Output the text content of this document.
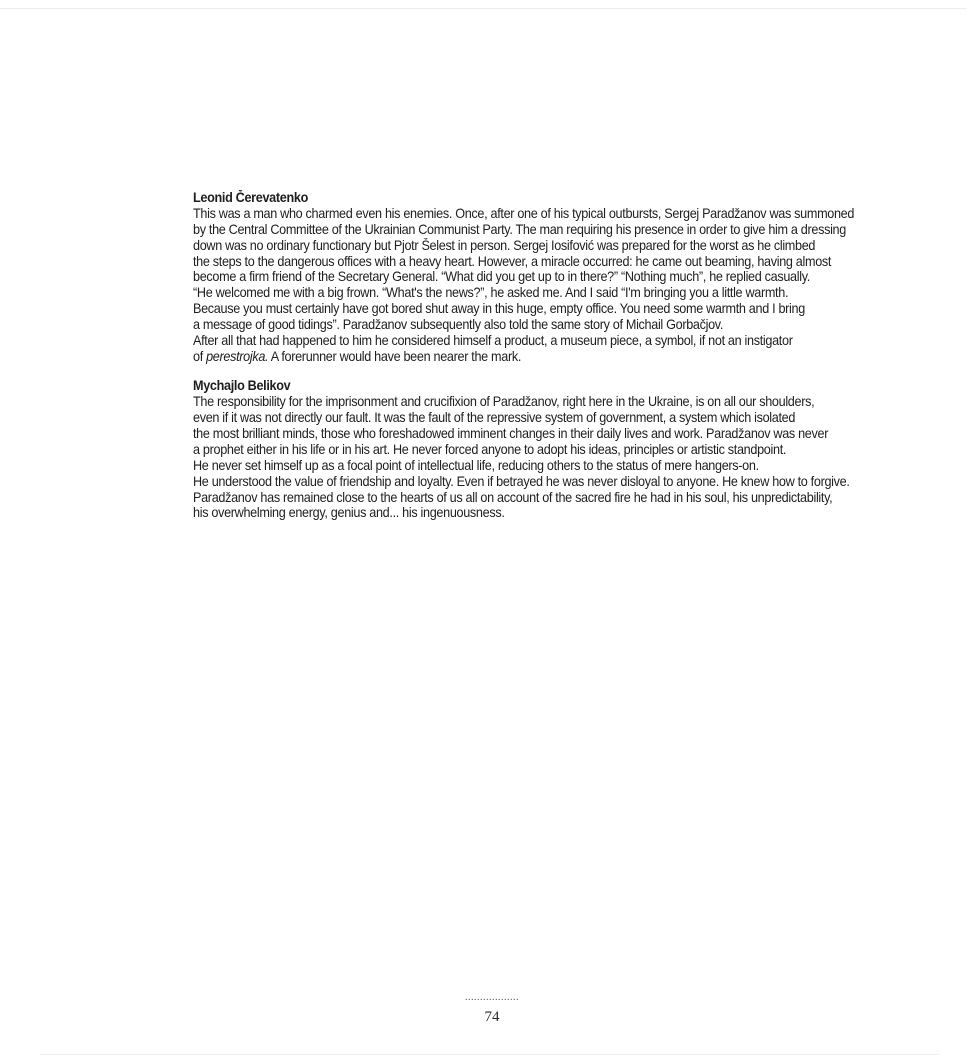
Leonid Čerevatenko

This was a man who charmed even his enemies. Once, after one of his typical outbursts, Sergej Paradžanov was summoned

by the Central Committee of the Ukrainian Communist Party. The man requiring his presence in order to give him a dressing

down was no ordinary functionary but Pjotr Šelest in person. Sergej Iosifović was prepared for the worst as he climbed

the steps to the dangerous offices with a heavy heart. However, a miracle occurred: he came out beaming, having almost

become a firm friend of the Secretary General. “What did you get up to in there?” “Nothing much”, he replied casually.

“He welcomed me with a big frown. “What's the news?”, he asked me. And I said “I'm bringing you a little warmth.

Because you must certainly have got bored shut away in this huge, empty office. You need some warmth and I bring

a message of good tidings”. Paradžanov subsequently also told the same story of Michail Gorbačjov.

After all that had happened to him he considered himself a product, a museum piece, a symbol, if not an instigator

of perestrojka. A forerunner would have been nearer the mark.

Mychajlo Belikov

The responsibility for the imprisonment and crucifixion of Paradžanov, right here in the Ukraine, is on all our shoulders,

even if it was not directly our fault. It was the fault of the repressive system of government, a system which isolated

the most brilliant minds, those who foreshadowed imminent changes in their daily lives and work. Paradžanov was never

a prophet either in his life or in his art. He never forced anyone to adopt his ideas, principles or artistic standpoint.

He never set himself up as a focal point of intellectual life, reducing others to the status of mere hangers-on.

He understood the value of friendship and loyalty. Even if betrayed he was never disloyal to anyone. He knew how to forgive.

Paradžanov has remained close to the hearts of us all on account of the sacred fire he had in his soul, his unpredictability,

his overwhelming energy, genius and... his ingenuousness.

..................
74
